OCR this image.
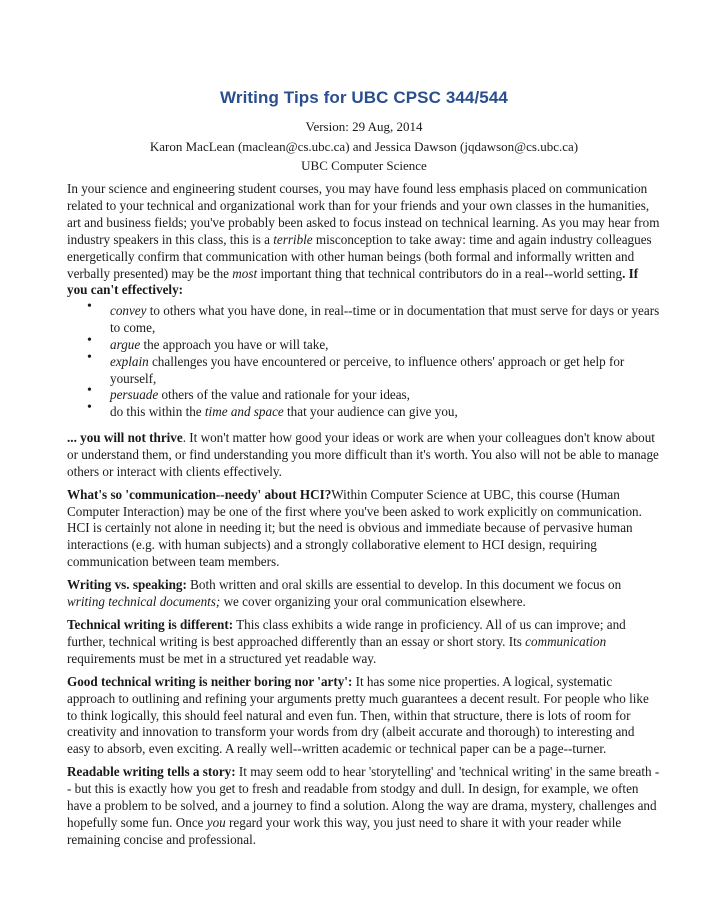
Writing Tips for UBC CPSC 344/544
Version: 29 Aug, 2014
Karon MacLean (maclean@cs.ubc.ca) and Jessica Dawson (jqdawson@cs.ubc.ca)
UBC Computer Science

In your science and engineering student courses, you may have found less emphasis placed on communication related to your technical and organizational work than for your friends and your own classes in the humanities, art and business fields; you've probably been asked to focus instead on technical learning. As you may hear from industry speakers in this class, this is a terrible misconception to take away: time and again industry colleagues energetically confirm that communication with other human beings (both formal and informally written and verbally presented) may be the most important thing that technical contributors do in a real--world setting. If you can't effectively:

• convey to others what you have done, in real--time or in documentation that must serve for days or years to come,
• argue the approach you have or will take,
• explain challenges you have encountered or perceive, to influence others' approach or get help for yourself,
• persuade others of the value and rationale for your ideas,
• do this within the time and space that your audience can give you,

... you will not thrive. It won't matter how good your ideas or work are when your colleagues don't know about or understand them, or find understanding you more difficult than it's worth. You also will not be able to manage others or interact with clients effectively.

What's so 'communication--needy' about HCI?Within Computer Science at UBC, this course (Human Computer Interaction) may be one of the first where you've been asked to work explicitly on communication. HCI is certainly not alone in needing it; but the need is obvious and immediate because of pervasive human interactions (e.g. with human subjects) and a strongly collaborative element to HCI design, requiring communication between team members.

Writing vs. speaking: Both written and oral skills are essential to develop. In this document we focus on writing technical documents; we cover organizing your oral communication elsewhere.

Technical writing is different: This class exhibits a wide range in proficiency. All of us can improve; and further, technical writing is best approached differently than an essay or short story. Its communication requirements must be met in a structured yet readable way.

Good technical writing is neither boring nor 'arty': It has some nice properties. A logical, systematic approach to outlining and refining your arguments pretty much guarantees a decent result. For people who like to think logically, this should feel natural and even fun. Then, within that structure, there is lots of room for creativity and innovation to transform your words from dry (albeit accurate and thorough) to interesting and easy to absorb, even exciting. A really well--written academic or technical paper can be a page--turner.

Readable writing tells a story: It may seem odd to hear 'storytelling' and 'technical writing' in the same breath -- but this is exactly how you get to fresh and readable from stodgy and dull. In design, for example, we often have a problem to be solved, and a journey to find a solution. Along the way are drama, mystery, challenges and hopefully some fun. Once you regard your work this way, you just need to share it with your reader while remaining concise and professional.
